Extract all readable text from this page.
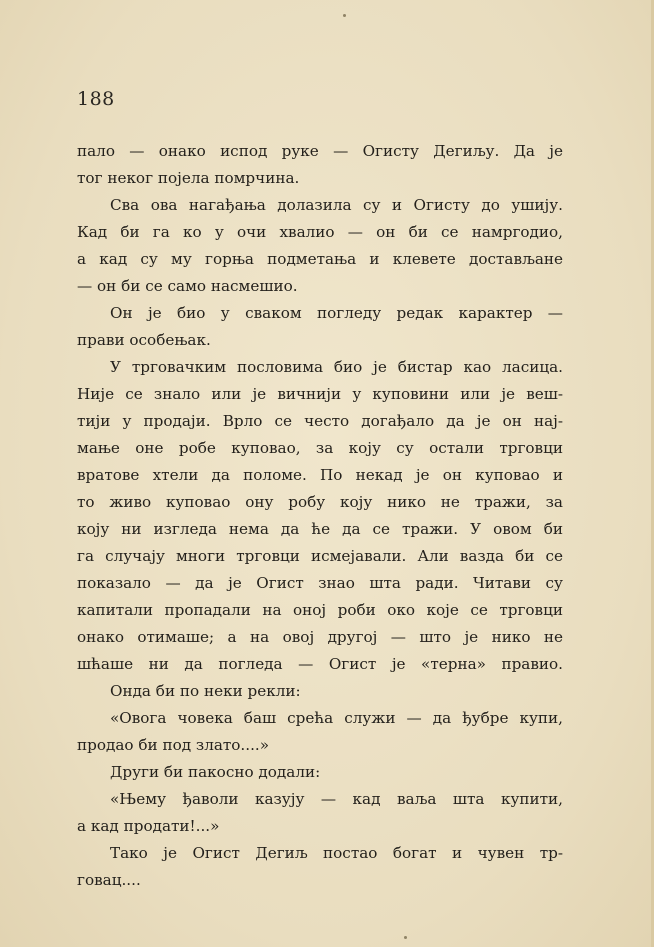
188
пало — онако испод руке — Огисту Дегиљу. Да је
тог неког појела помрчина.
Сва ова нагађања долазила су и Огисту до ушију.
Кад би га ко у очи хвалио — он би се намргодио,
а кад су му горња подметања и клевете достављане
— он би се само насмешио.
Он је био у сваком погледу редак карактер —
прави особењак.
У трговачким пословима био је бистар као ласица.
Није се знало или је вичнији у куповини или је веш-
тији у продаји. Врло се често догађало да је он нај-
мање оне робе куповао, за коју су остали трговци
вратове хтели да поломе. По некад је он куповао и
то живо куповао ону робу коју нико не тражи, за
коју ни изгледа нема да ће да се тражи. У овом би
га случају многи трговци исмејавали. Али вазда би се
показало — да је Огист знао шта ради. Читави су
капитали пропадали на оној роби око које се трговци
онако отимаше; а на овој другој — што је нико не
шћаше ни да погледа — Огист је «терна» правио.
Онда би по неки рекли:
«Овога човека баш срећа служи — да ђубре купи,
продао би под злато....»
Други би пакосно додали:
«Њему ђаволи казују — кад ваља шта купити,
а кад продати!...»
Тако је Огист Дегиљ постао богат и чувен тр-
говац....
